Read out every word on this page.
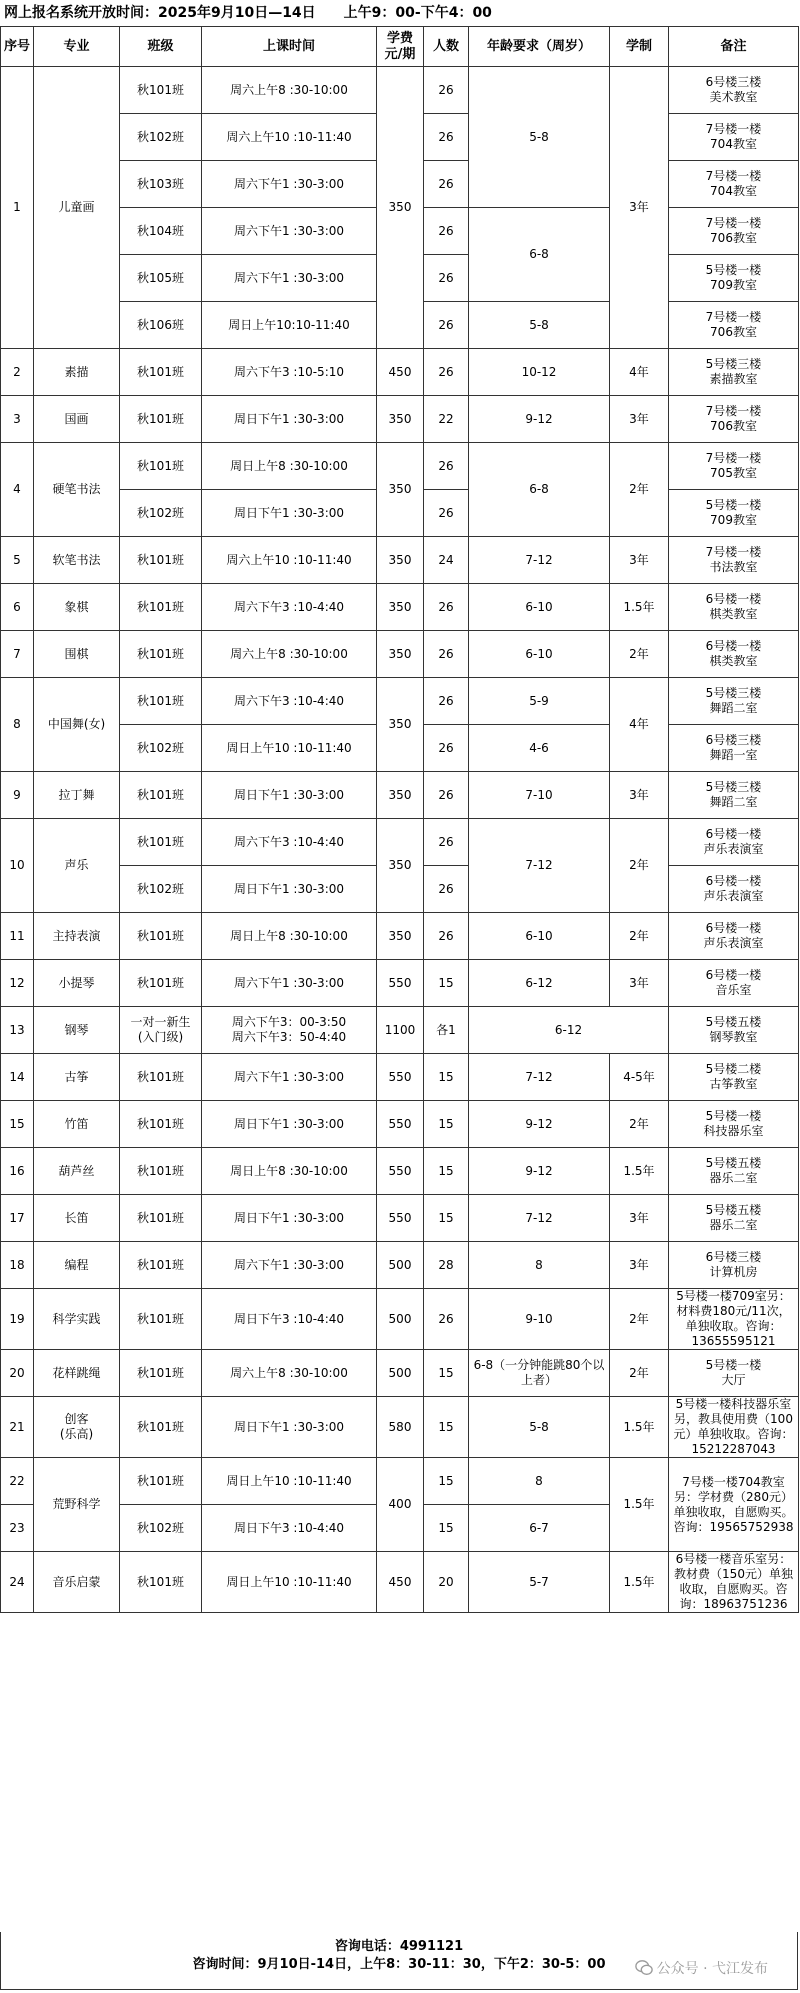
网上报名系统开放时间：2025年9月10日—14日　　上午9：00-下午4：00
序号	专业	班级	上课时间	学费元/期	人数	年龄要求（周岁）	学制	备注
1	儿童画	秋101班	周六上午8 :30-10:00	350	26	5-8	3年	6号楼三楼
美术教室
		秋102班	周六上午10 :10-11:40		26			7号楼一楼
704教室
		秋103班	周六下午1 :30-3:00		26			7号楼一楼
704教室
		秋104班	周六下午1 :30-3:00		26	6-8		7号楼一楼
706教室
		秋105班	周六下午1 :30-3:00		26			5号楼一楼
709教室
		秋106班	周日上午10:10-11:40		26	5-8		7号楼一楼
706教室
2	素描	秋101班	周六下午3 :10-5:10	450	26	10-12	4年	5号楼三楼
素描教室
3	国画	秋101班	周日下午1 :30-3:00	350	22	9-12	3年	7号楼一楼
706教室
4	硬笔书法	秋101班	周日上午8 :30-10:00	350	26	6-8	2年	7号楼一楼
705教室
		秋102班	周日下午1 :30-3:00		26			5号楼一楼
709教室
5	软笔书法	秋101班	周六上午10 :10-11:40	350	24	7-12	3年	7号楼一楼
书法教室
6	象棋	秋101班	周六下午3 :10-4:40	350	26	6-10	1.5年	6号楼一楼
棋类教室
7	围棋	秋101班	周六上午8 :30-10:00	350	26	6-10	2年	6号楼一楼
棋类教室
8	中国舞(女)	秋101班	周六下午3 :10-4:40	350	26	5-9	4年	5号楼三楼
舞蹈二室
		秋102班	周日上午10 :10-11:40		26	4-6		6号楼三楼
舞蹈一室
9	拉丁舞	秋101班	周日下午1 :30-3:00	350	26	7-10	3年	5号楼三楼
舞蹈二室
10	声乐	秋101班	周六下午3 :10-4:40	350	26	7-12	2年	6号楼一楼
声乐表演室
		秋102班	周日下午1 :30-3:00		26			6号楼一楼
声乐表演室
11	主持表演	秋101班	周日上午8 :30-10:00	350	26	6-10	2年	6号楼一楼
声乐表演室
12	小提琴	秋101班	周六下午1 :30-3:00	550	15	6-12	3年	6号楼一楼
音乐室
13	钢琴	一对一新生
(入门级)	周六下午3：00-3:50
周六下午3：50-4:40	1100	各1	6-12		5号楼五楼
钢琴教室
14	古筝	秋101班	周六下午1 :30-3:00	550	15	7-12	4-5年	5号楼二楼
古筝教室
15	竹笛	秋101班	周日下午1 :30-3:00	550	15	9-12	2年	5号楼一楼
科技器乐室
16	葫芦丝	秋101班	周日上午8 :30-10:00	550	15	9-12	1.5年	5号楼五楼
器乐二室
17	长笛	秋101班	周日下午1 :30-3:00	550	15	7-12	3年	5号楼五楼
器乐二室
18	编程	秋101班	周六下午1 :30-3:00	500	28	8	3年	6号楼三楼
计算机房
19	科学实践	秋101班	周日下午3 :10-4:40	500	26	9-10	2年	5号楼一楼709室另：材料费180元/11次，单独收取。咨询：13655595121
20	花样跳绳	秋101班	周六上午8 :30-10:00	500	15	6-8（一分钟能跳80个以上者）	2年	5号楼一楼
大厅
21	创客
(乐高)	秋101班	周日下午1 :30-3:00	580	15	5-8	1.5年	5号楼一楼科技器乐室另，教具使用费（100元）单独收取。咨询：15212287043
22	荒野科学	秋101班	周日上午10 :10-11:40	400	15	8	1.5年	7号楼一楼704教室另：学材费（280元）单独收取，自愿购买。咨询：19565752938
23		秋102班	周日下午3 :10-4:40		15	6-7		
24	音乐启蒙	秋101班	周日上午10 :10-11:40	450	20	5-7	1.5年	6号楼一楼音乐室另：教材费（150元）单独收取，自愿购买。咨询：18963751236
咨询电话：4991121
咨询时间：9月10日-14日，上午8：30-11：30，下午2：30-5：00	公众号 · 弋江发布
